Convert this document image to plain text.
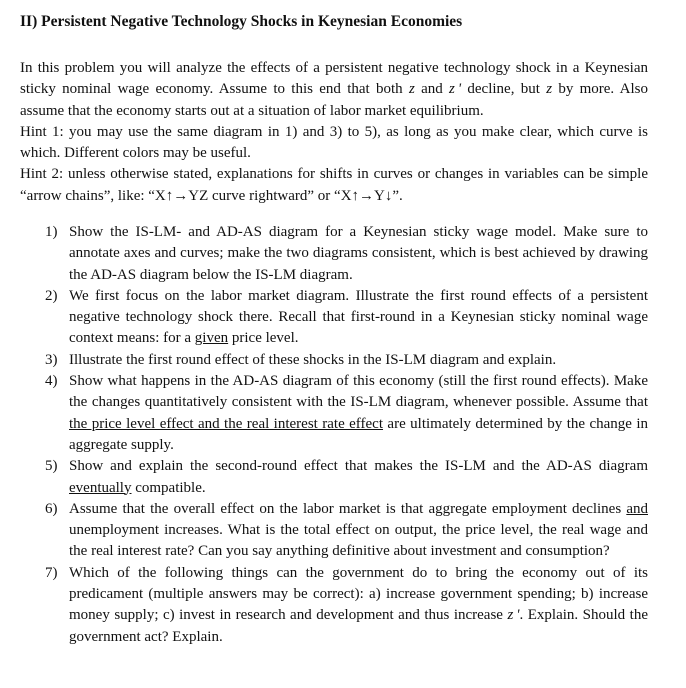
II) Persistent Negative Technology Shocks in Keynesian Economies

In this problem you will analyze the effects of a persistent negative technology shock in a Keynesian sticky nominal wage economy. Assume to this end that both z and z ' decline, but z by more. Also assume that the economy starts out at a situation of labor market equilibrium.

Hint 1: you may use the same diagram in 1) and 3) to 5), as long as you make clear, which curve is which. Different colors may be useful.

Hint 2: unless otherwise stated, explanations for shifts in curves or changes in variables can be simple “arrow chains”, like: “X↑→YZ curve rightward” or “X↑→Y↓”.

1) Show the IS-LM- and AD-AS diagram for a Keynesian sticky wage model. Make sure to annotate axes and curves; make the two diagrams consistent, which is best achieved by drawing the AD-AS diagram below the IS-LM diagram.
2) We first focus on the labor market diagram. Illustrate the first round effects of a persistent negative technology shock there. Recall that first-round in a Keynesian sticky nominal wage context means: for a given price level.
3) Illustrate the first round effect of these shocks in the IS-LM diagram and explain.
4) Show what happens in the AD-AS diagram of this economy (still the first round effects). Make the changes quantitatively consistent with the IS-LM diagram, whenever possible. Assume that the price level effect and the real interest rate effect are ultimately determined by the change in aggregate supply.
5) Show and explain the second-round effect that makes the IS-LM and the AD-AS diagram eventually compatible.
6) Assume that the overall effect on the labor market is that aggregate employment declines and unemployment increases. What is the total effect on output, the price level, the real wage and the real interest rate? Can you say anything definitive about investment and consumption?
7) Which of the following things can the government do to bring the economy out of its predicament (multiple answers may be correct): a) increase government spending; b) increase money supply; c) invest in research and development and thus increase z '. Explain. Should the government act? Explain.
